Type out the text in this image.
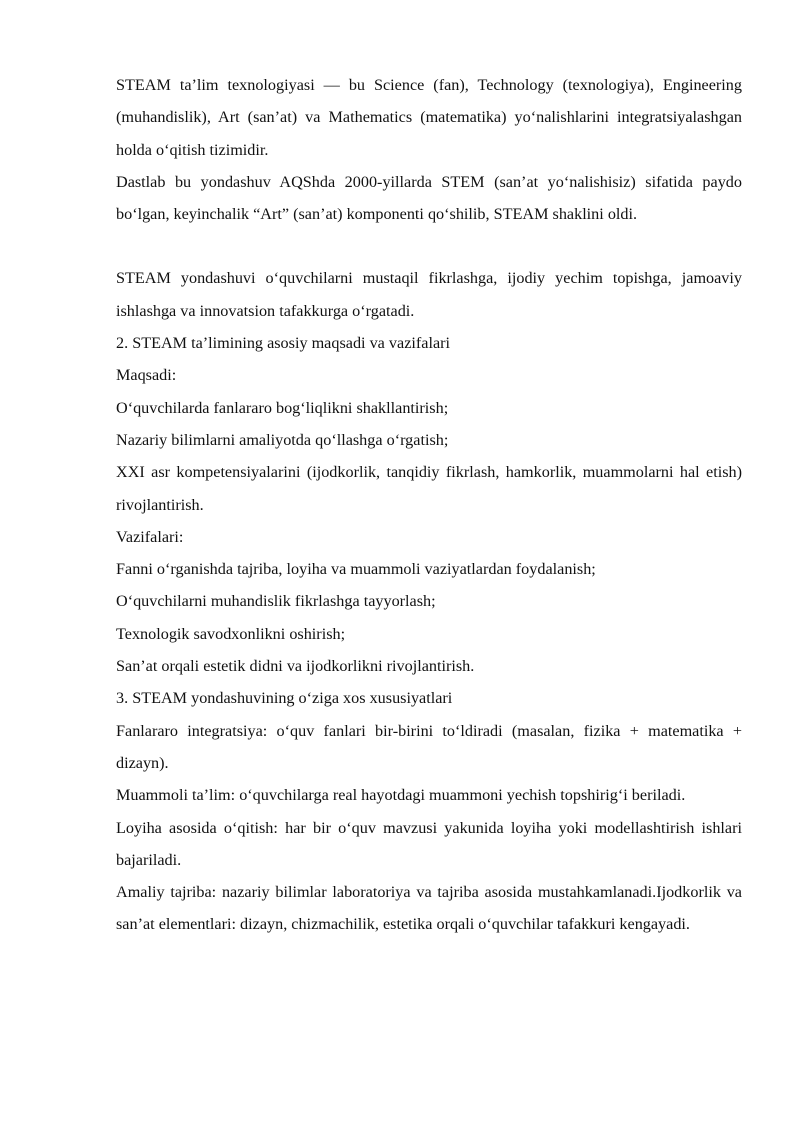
STEAM ta’lim texnologiyasi — bu Science (fan), Technology (texnologiya), Engineering (muhandislik), Art (san’at) va Mathematics (matematika) yo‘nalishlarini integratsiyalashgan holda o‘qitish tizimidir.

Dastlab bu yondashuv AQShda 2000-yillarda STEM (san’at yo‘nalishisiz) sifatida paydo bo‘lgan, keyinchalik “Art” (san’at) komponenti qo‘shilib, STEAM shaklini oldi.

STEAM yondashuvi o‘quvchilarni mustaqil fikrlashga, ijodiy yechim topishga, jamoaviy ishlashga va innovatsion tafakkurga o‘rgatadi.

2. STEAM ta’limining asosiy maqsadi va vazifalari

Maqsadi:

O‘quvchilarda fanlararo bog‘liqlikni shakllantirish;

Nazariy bilimlarni amaliyotda qo‘llashga o‘rgatish;

XXI asr kompetensiyalarini (ijodkorlik, tanqidiy fikrlash, hamkorlik, muammolarni hal etish) rivojlantirish.

Vazifalari:

Fanni o‘rganishda tajriba, loyiha va muammoli vaziyatlardan foydalanish;

O‘quvchilarni muhandislik fikrlashga tayyorlash;

Texnologik savodxonlikni oshirish;

San’at orqali estetik didni va ijodkorlikni rivojlantirish.

3. STEAM yondashuvining o‘ziga xos xususiyatlari

Fanlararo integratsiya: o‘quv fanlari bir-birini to‘ldiradi (masalan, fizika + matematika + dizayn).

Muammoli ta’lim: o‘quvchilarga real hayotdagi muammoni yechish topshirig‘i beriladi.

Loyiha asosida o‘qitish: har bir o‘quv mavzusi yakunida loyiha yoki modellashtirish ishlari bajariladi.

Amaliy tajriba: nazariy bilimlar laboratoriya va tajriba asosida mustahkamlanadi.Ijodkorlik va san’at elementlari: dizayn, chizmachilik, estetika orqali o‘quvchilar tafakkuri kengayadi.
